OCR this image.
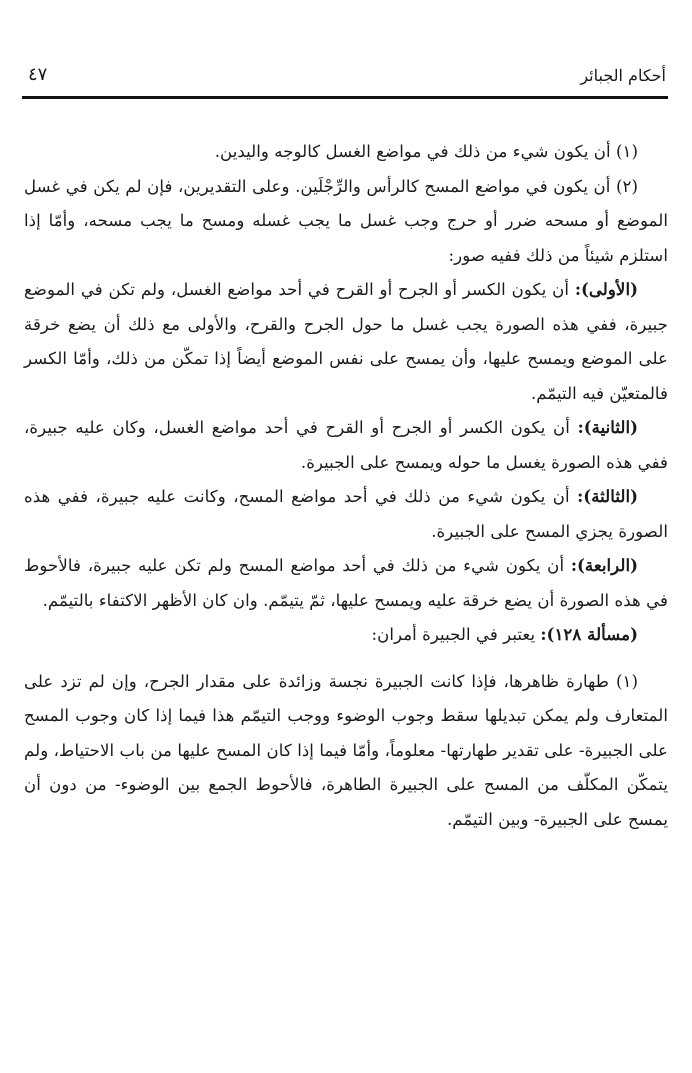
أحكام الجبائر
٤٧

(١) أن يكون شيء من ذلك في مواضع الغسل كالوجه واليدين.

(٢) أن يكون في مواضع المسح كالرأس والرِّجْلَين. وعلى التقديرين، فإن لم يكن في غسل الموضع أو مسحه ضرر أو حرج وجب غسل ما يجب غسله ومسح ما يجب مسحه، وأمّا إذا استلزم شيئاً من ذلك ففيه صور:

(الأولى): أن يكون الكسر أو الجرح أو القرح في أحد مواضع الغسل، ولم تكن في الموضع جبيرة، ففي هذه الصورة يجب غسل ما حول الجرح والقرح، والأولى مع ذلك أن يضع خرقة على الموضع ويمسح عليها، وأن يمسح على نفس الموضع أيضاً إذا تمكّن من ذلك، وأمّا الكسر فالمتعيّن فيه التيمّم.

(الثانية): أن يكون الكسر أو الجرح أو القرح في أحد مواضع الغسل، وكان عليه جبيرة، ففي هذه الصورة يغسل ما حوله ويمسح على الجبيرة.

(الثالثة): أن يكون شيء من ذلك في أحد مواضع المسح، وكانت عليه جبيرة، ففي هذه الصورة يجزي المسح على الجبيرة.

(الرابعة): أن يكون شيء من ذلك في أحد مواضع المسح ولم تكن عليه جبيرة، فالأحوط في هذه الصورة أن يضع خرقة عليه ويمسح عليها، ثمّ يتيمّم. وان كان الأظهر الاكتفاء بالتيمّم.

(مسألة ١٢٨): يعتبر في الجبيرة أمران:

(١) طهارة ظاهرها، فإذا كانت الجبيرة نجسة وزائدة على مقدار الجرح، وإن لم تزد على المتعارف ولم يمكن تبديلها سقط وجوب الوضوء ووجب التيمّم هذا فيما إذا كان وجوب المسح على الجبيرة- على تقدير طهارتها- معلوماً، وأمّا فيما إذا كان المسح عليها من باب الاحتياط، ولم يتمكّن المكلّف من المسح على الجبيرة الطاهرة، فالأحوط الجمع بين الوضوء- من دون أن يمسح على الجبيرة- وبين التيمّم.
